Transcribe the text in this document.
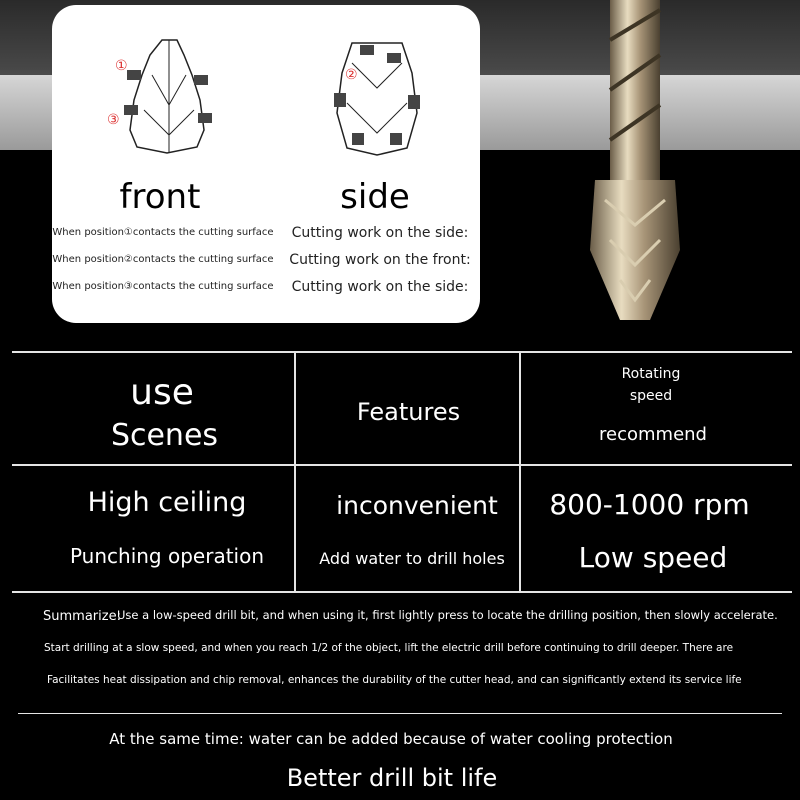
①
③
②
front	side
When position①contacts the cutting surface
When position②contacts the cutting surface
When position③contacts the cutting surface
Cutting work on the side:
Cutting work on the front:
Cutting work on the side:
use
Scenes
Features
Rotating
speed
recommend
High ceiling
Punching operation
inconvenient
Add water to drill holes
800-1000 rpm
Low speed
Summarize:
Use a low-speed drill bit, and when using it, first lightly press to locate the drilling position, then slowly accelerate.
Start drilling at a slow speed, and when you reach 1/2 of the object, lift the electric drill before continuing to drill deeper. There are
Facilitates heat dissipation and chip removal, enhances the durability of the cutter head, and can significantly extend its service life
At the same time: water can be added because of water cooling protection
Better drill bit life
